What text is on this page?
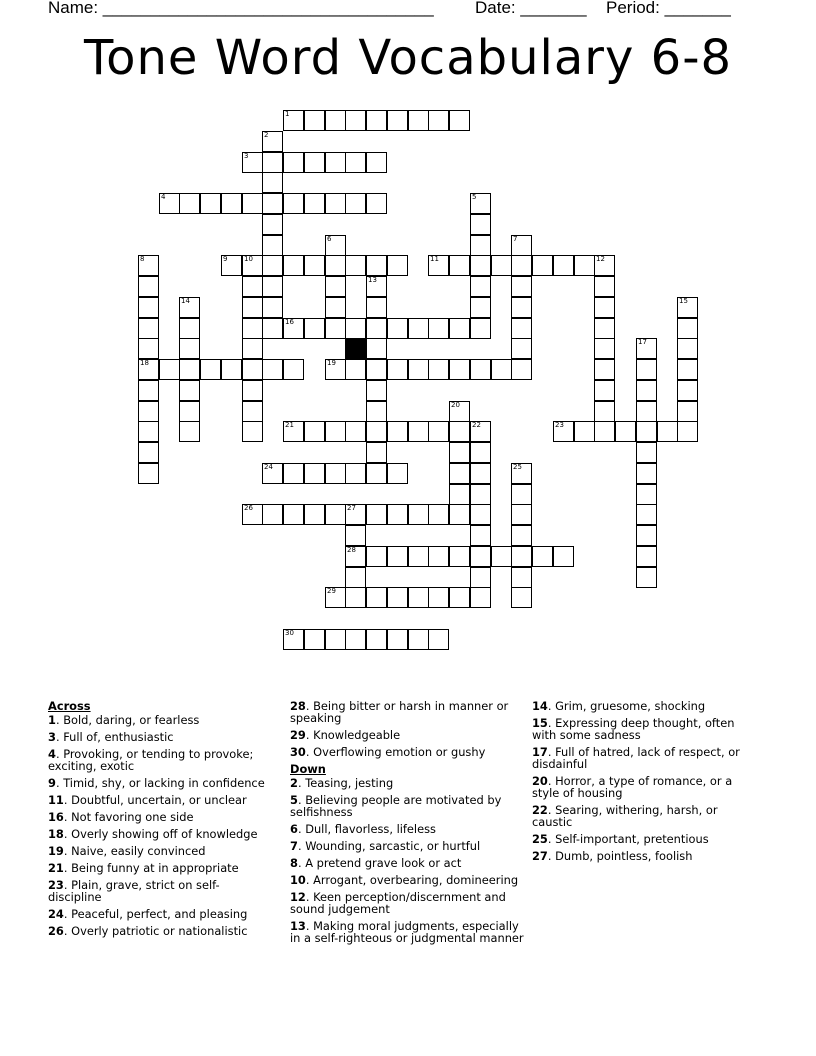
Name: ___________________________________ Date: _______ Period: _______
Tone Word Vocabulary 6-8
1
3
4
9 10	11	12
16
18	19
21	23
24
26	27
28
29
30
2
5
6	7
8
13
14	15
17
20
22
25
Across
1. Bold, daring, or fearless
3. Full of, enthusiastic
4. Provoking, or tending to provoke; exciting, exotic
9. Timid, shy, or lacking in confidence
11. Doubtful, uncertain, or unclear
16. Not favoring one side
18. Overly showing off of knowledge
19. Naive, easily convinced
21. Being funny at in appropriate
23. Plain, grave, strict on self-discipline
24. Peaceful, perfect, and pleasing
26. Overly patriotic or nationalistic
28. Being bitter or harsh in manner or speaking
29. Knowledgeable
30. Overflowing emotion or gushy
Down
2. Teasing, jesting
5. Believing people are motivated by selfishness
6. Dull, flavorless, lifeless
7. Wounding, sarcastic, or hurtful
8. A pretend grave look or act
10. Arrogant, overbearing, domineering
12. Keen perception/discernment and sound judgement
13. Making moral judgments, especially in a self-righteous or judgmental manner
14. Grim, gruesome, shocking
15. Expressing deep thought, often with some sadness
17. Full of hatred, lack of respect, or disdainful
20. Horror, a type of romance, or a style of housing
22. Searing, withering, harsh, or caustic
25. Self-important, pretentious
27. Dumb, pointless, foolish
